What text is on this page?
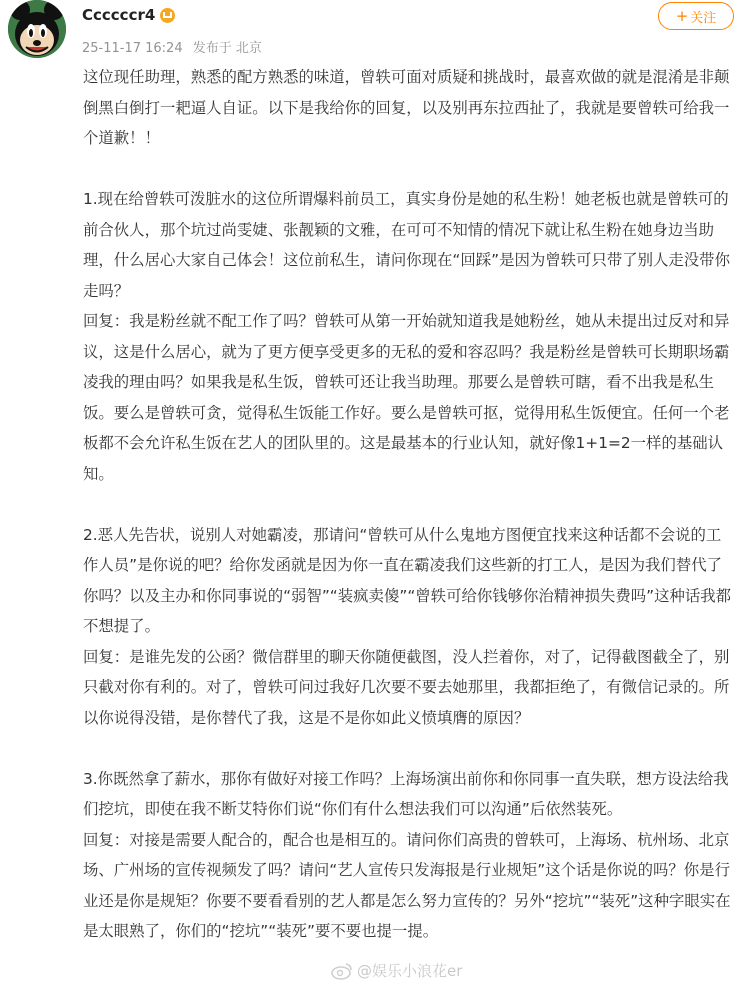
Ccccccr4
25-11-17 16:24 发布于 北京
+ 关注

这位现任助理，熟悉的配方熟悉的味道，曾轶可面对质疑和挑战时，最喜欢做的就是混淆是非颠倒黑白倒打一耙逼人自证。以下是我给你的回复，以及别再东拉西扯了，我就是要曾轶可给我一个道歉！！

1.现在给曾轶可泼脏水的这位所谓爆料前员工，真实身份是她的私生粉！她老板也就是曾轶可的前合伙人，那个坑过尚雯婕、张靓颖的文雅，在可可不知情的情况下就让私生粉在她身边当助理，什么居心大家自己体会！这位前私生，请问你现在“回踩”是因为曾轶可只带了别人走没带你走吗？

回复：我是粉丝就不配工作了吗？曾轶可从第一开始就知道我是她粉丝，她从未提出过反对和异议，这是什么居心，就为了更方便享受更多的无私的爱和容忍吗？我是粉丝是曾轶可长期职场霸凌我的理由吗？如果我是私生饭，曾轶可还让我当助理。那要么是曾轶可瞎，看不出我是私生饭。要么是曾轶可贪，觉得私生饭能工作好。要么是曾轶可抠，觉得用私生饭便宜。任何一个老板都不会允许私生饭在艺人的团队里的。这是最基本的行业认知，就好像1+1=2一样的基础认知。

2.恶人先告状，说别人对她霸凌，那请问“曾轶可从什么鬼地方图便宜找来这种话都不会说的工作人员”是你说的吧？给你发函就是因为你一直在霸凌我们这些新的打工人，是因为我们替代了你吗？以及主办和你同事说的“弱智”“装疯卖傻”“曾轶可给你钱够你治精神损失费吗”这种话我都不想提了。

回复：是谁先发的公函？微信群里的聊天你随便截图，没人拦着你，对了，记得截图截全了，别只截对你有利的。对了，曾轶可问过我好几次要不要去她那里，我都拒绝了，有微信记录的。所以你说得没错，是你替代了我，这是不是你如此义愤填膺的原因？

3.你既然拿了薪水，那你有做好对接工作吗？上海场演出前你和你同事一直失联，想方设法给我们挖坑，即使在我不断艾特你们说“你们有什么想法我们可以沟通”后依然装死。

回复：对接是需要人配合的，配合也是相互的。请问你们高贵的曾轶可，上海场、杭州场、北京场、广州场的宣传视频发了吗？请问“艺人宣传只发海报是行业规矩”这个话是你说的吗？你是行业还是你是规矩？你要不要看看别的艺人都是怎么努力宣传的？另外“挖坑”“装死”这种字眼实在是太眼熟了，你们的“挖坑”“装死”要不要也提一提。

@娱乐小浪花er
